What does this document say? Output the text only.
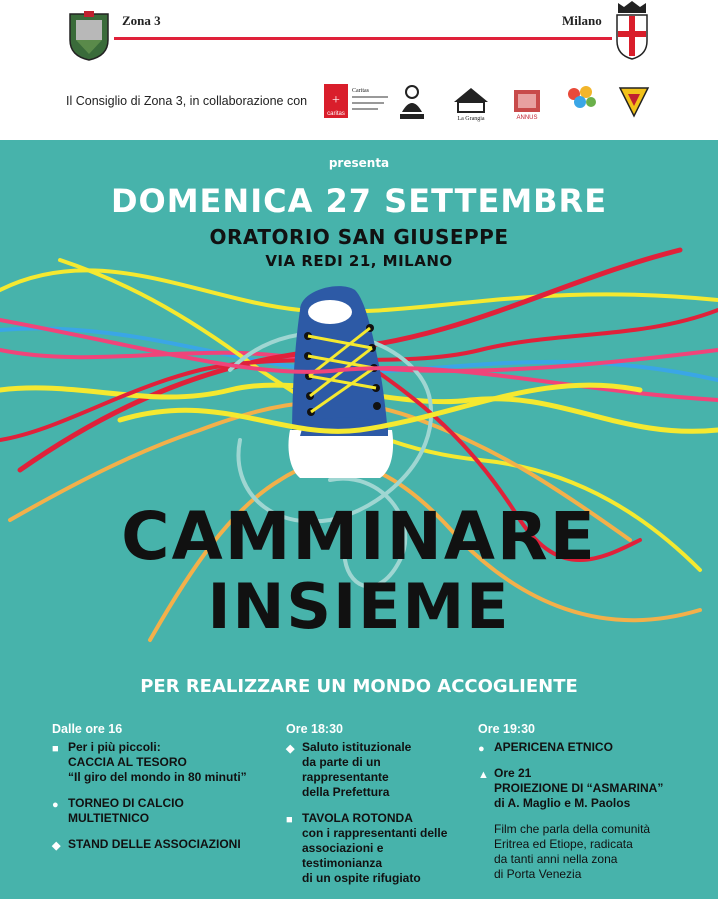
Zona 3	Milano
Il Consiglio di Zona 3, in collaborazione con +
caritas
Caritas
La Grangia	ANNUS
presenta
DOMENICA 27 SETTEMBRE
ORATORIO SAN GIUSEPPE
VIA REDI 21, MILANO
CAMMINARE
INSIEME
PER REALIZZARE UN MONDO ACCOGLIENTE
Dalle ore 16
■ Per i più piccoli:
CACCIA AL TESORO
“Il giro del mondo in 80 minuti”
● TORNEO DI CALCIO
MULTIETNICO
◆ STAND DELLE ASSOCIAZIONI
Ore 18:30
◆ Saluto istituzionale
da parte di un
rappresentante
della Prefettura
■ TAVOLA ROTONDA
con i rappresentanti delle
associazioni e
testimonianza
di un ospite rifugiato
Ore 19:30
● APERICENA ETNICO
▲ Ore 21
PROIEZIONE DI “ASMARINA”
di A. Maglio e M. Paolos
Film che parla della comunità
Eritrea ed Etiope, radicata
da tanti anni nella zona
di Porta Venezia
